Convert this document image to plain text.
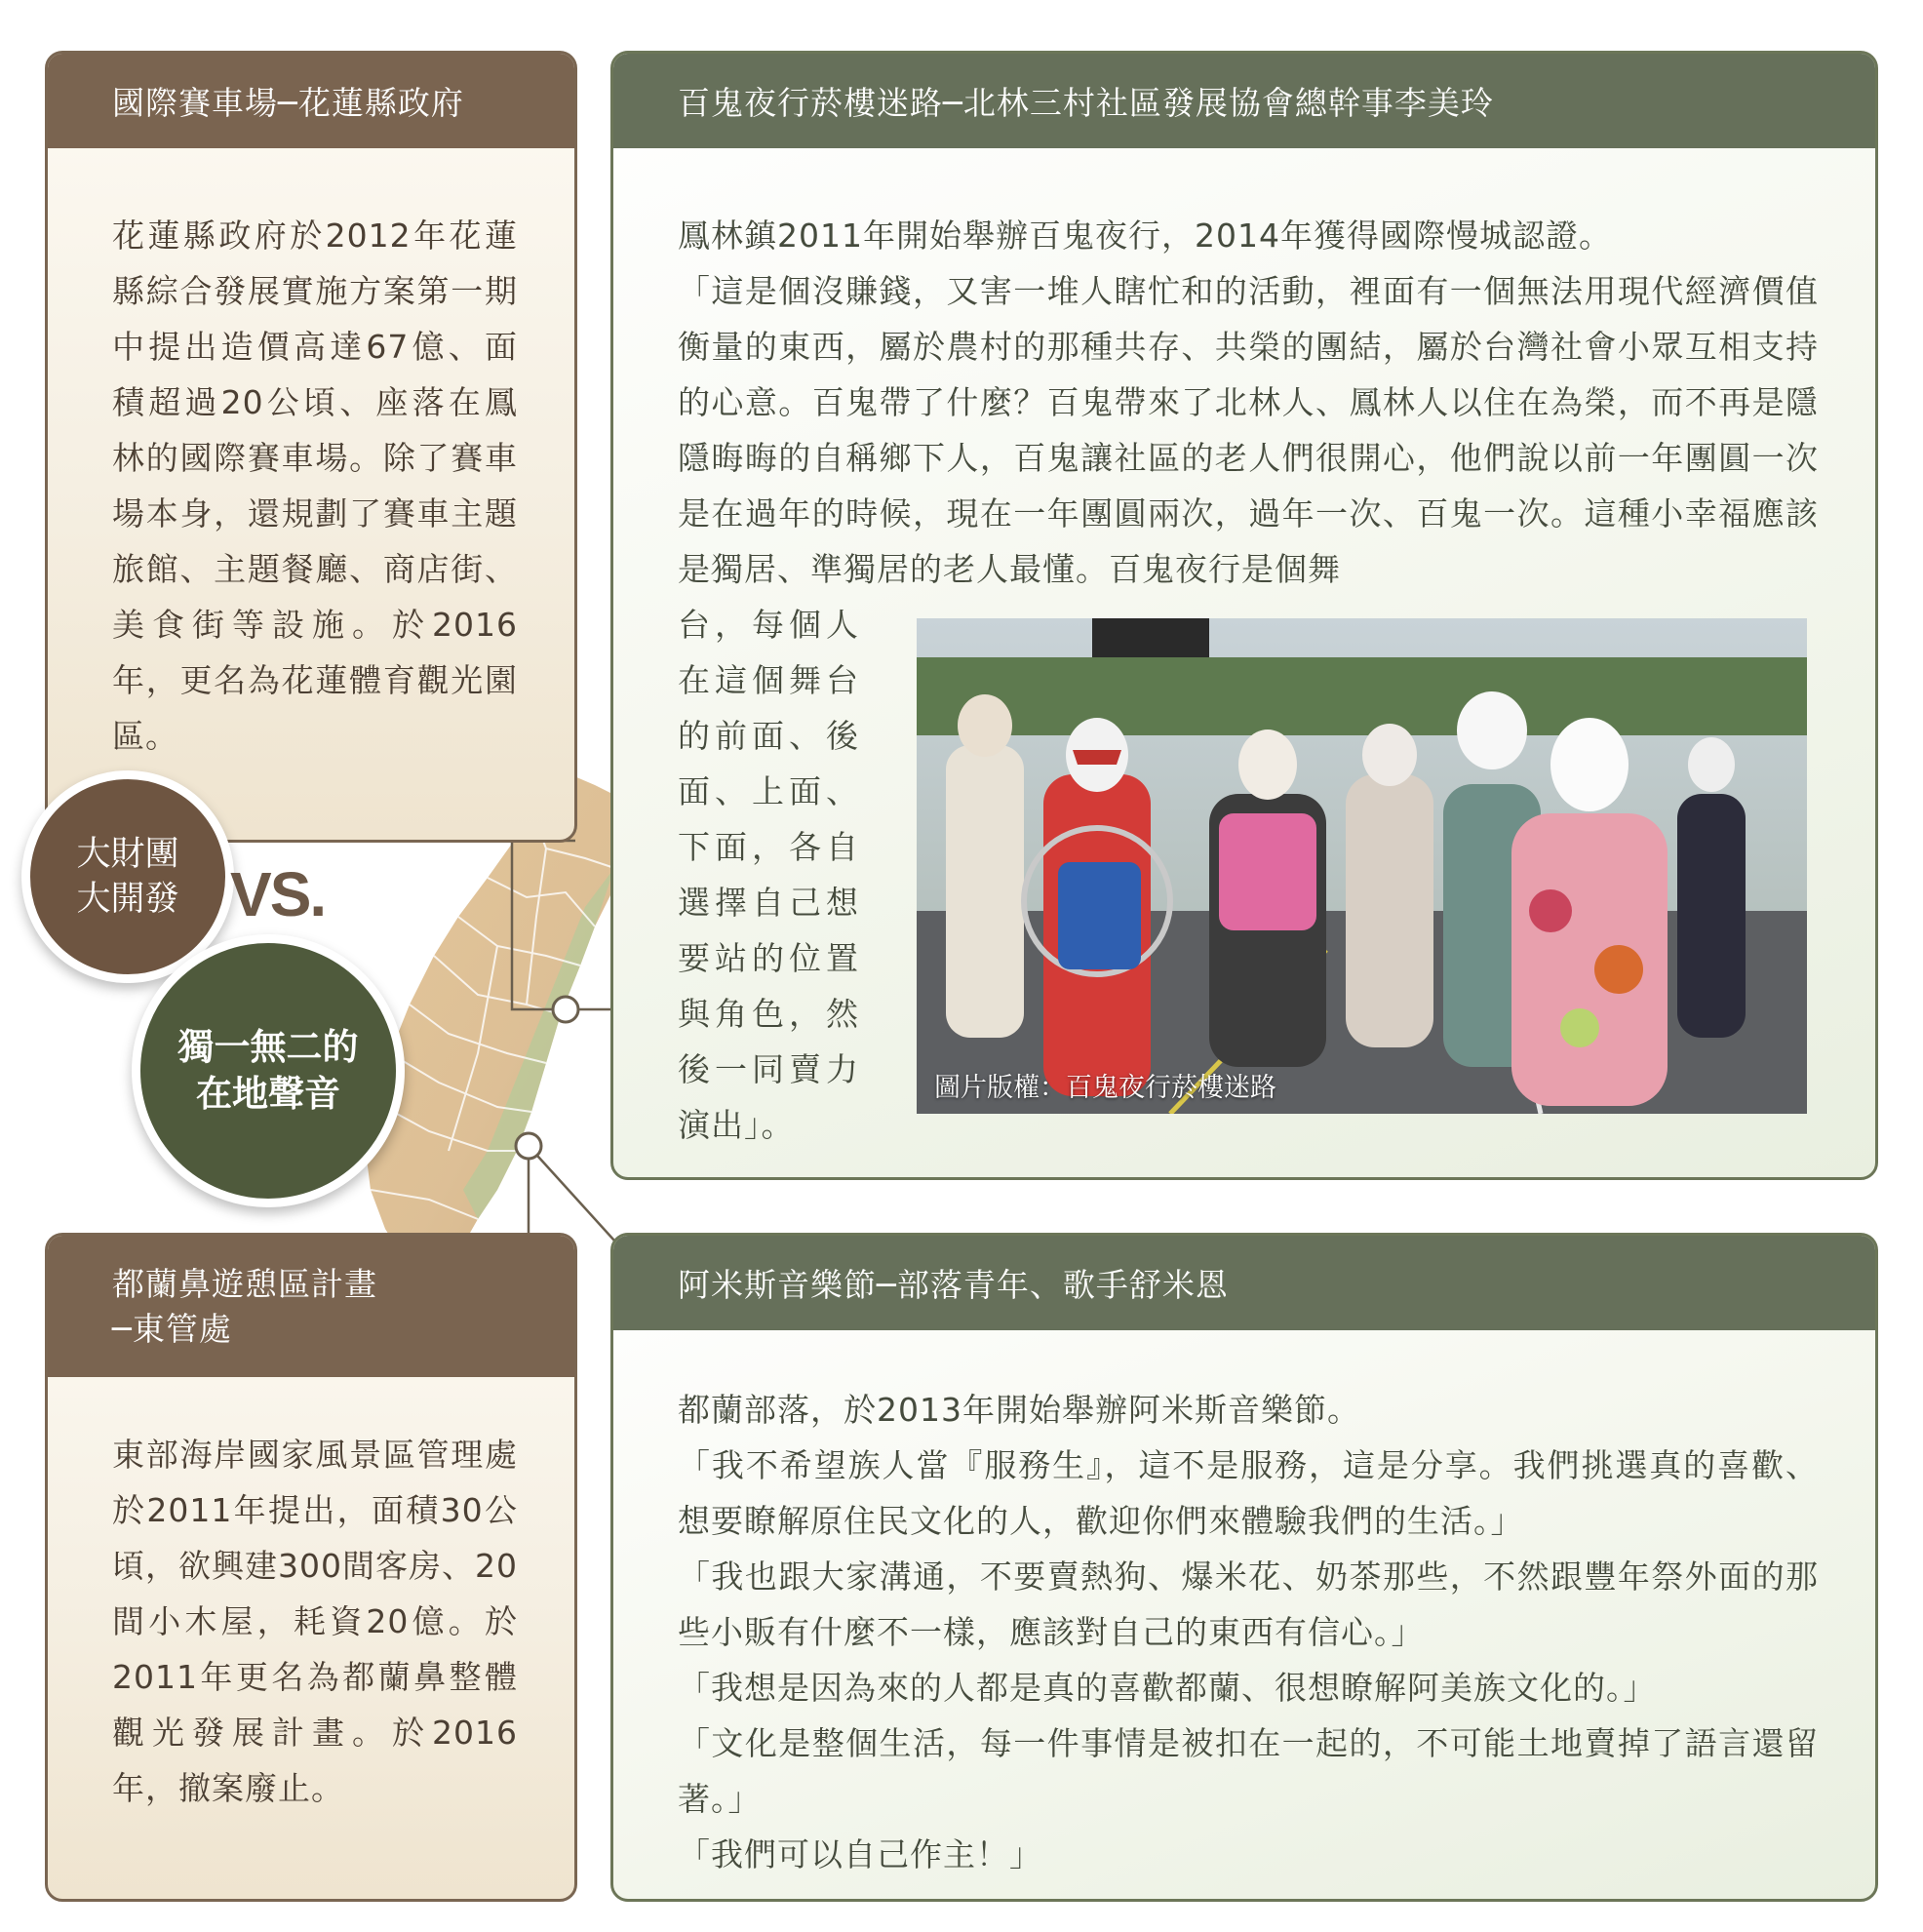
國際賽車場─花蓮縣政府
花蓮縣政府於2012年花蓮縣綜合發展實施方案第一期中提出造價高達67億、面積超過20公頃、座落在鳳林的國際賽車場。除了賽車場本身，還規劃了賽車主題旅館、主題餐廳、商店街、美食街等設施。於2016年，更名為花蓮體育觀光園區。
百鬼夜行菸樓迷路─北林三村社區發展協會總幹事李美玲
鳳林鎮2011年開始舉辦百鬼夜行，2014年獲得國際慢城認證。
「這是個沒賺錢，又害一堆人瞎忙和的活動，裡面有一個無法用現代經濟價值衡量的東西，屬於農村的那種共存、共榮的團結，屬於台灣社會小眾互相支持的心意。百鬼帶了什麼？百鬼帶來了北林人、鳳林人以住在為榮，而不再是隱隱晦晦的自稱鄉下人，百鬼讓社區的老人們很開心，他們說以前一年團圓一次是在過年的時候，現在一年團圓兩次，過年一次、百鬼一次。這種小幸福應該是獨居、準獨居的老人最懂。百鬼夜行是個舞
台，每個人在這個舞台的前面、後面、上面、下面，各自選擇自己想要站的位置與角色，然後一同賣力演出」。
圖片版權：百鬼夜行菸樓迷路
都蘭鼻遊憩區計畫
─東管處
東部海岸國家風景區管理處於2011年提出，面積30公頃，欲興建300間客房、20間小木屋，耗資20億。於2011年更名為都蘭鼻整體觀光發展計畫。於2016年，撤案廢止。
阿米斯音樂節─部落青年、歌手舒米恩
都蘭部落，於2013年開始舉辦阿米斯音樂節。
「我不希望族人當『服務生』，這不是服務，這是分享。我們挑選真的喜歡、想要瞭解原住民文化的人，歡迎你們來體驗我們的生活。」
「我也跟大家溝通，不要賣熱狗、爆米花、奶茶那些，不然跟豐年祭外面的那些小販有什麼不一樣，應該對自己的東西有信心。」
「我想是因為來的人都是真的喜歡都蘭、很想瞭解阿美族文化的。」
「文化是整個生活，每一件事情是被扣在一起的，不可能土地賣掉了語言還留著。」
「我們可以自己作主！」
大財團
大開發 VS.
獨一無二的
在地聲音
